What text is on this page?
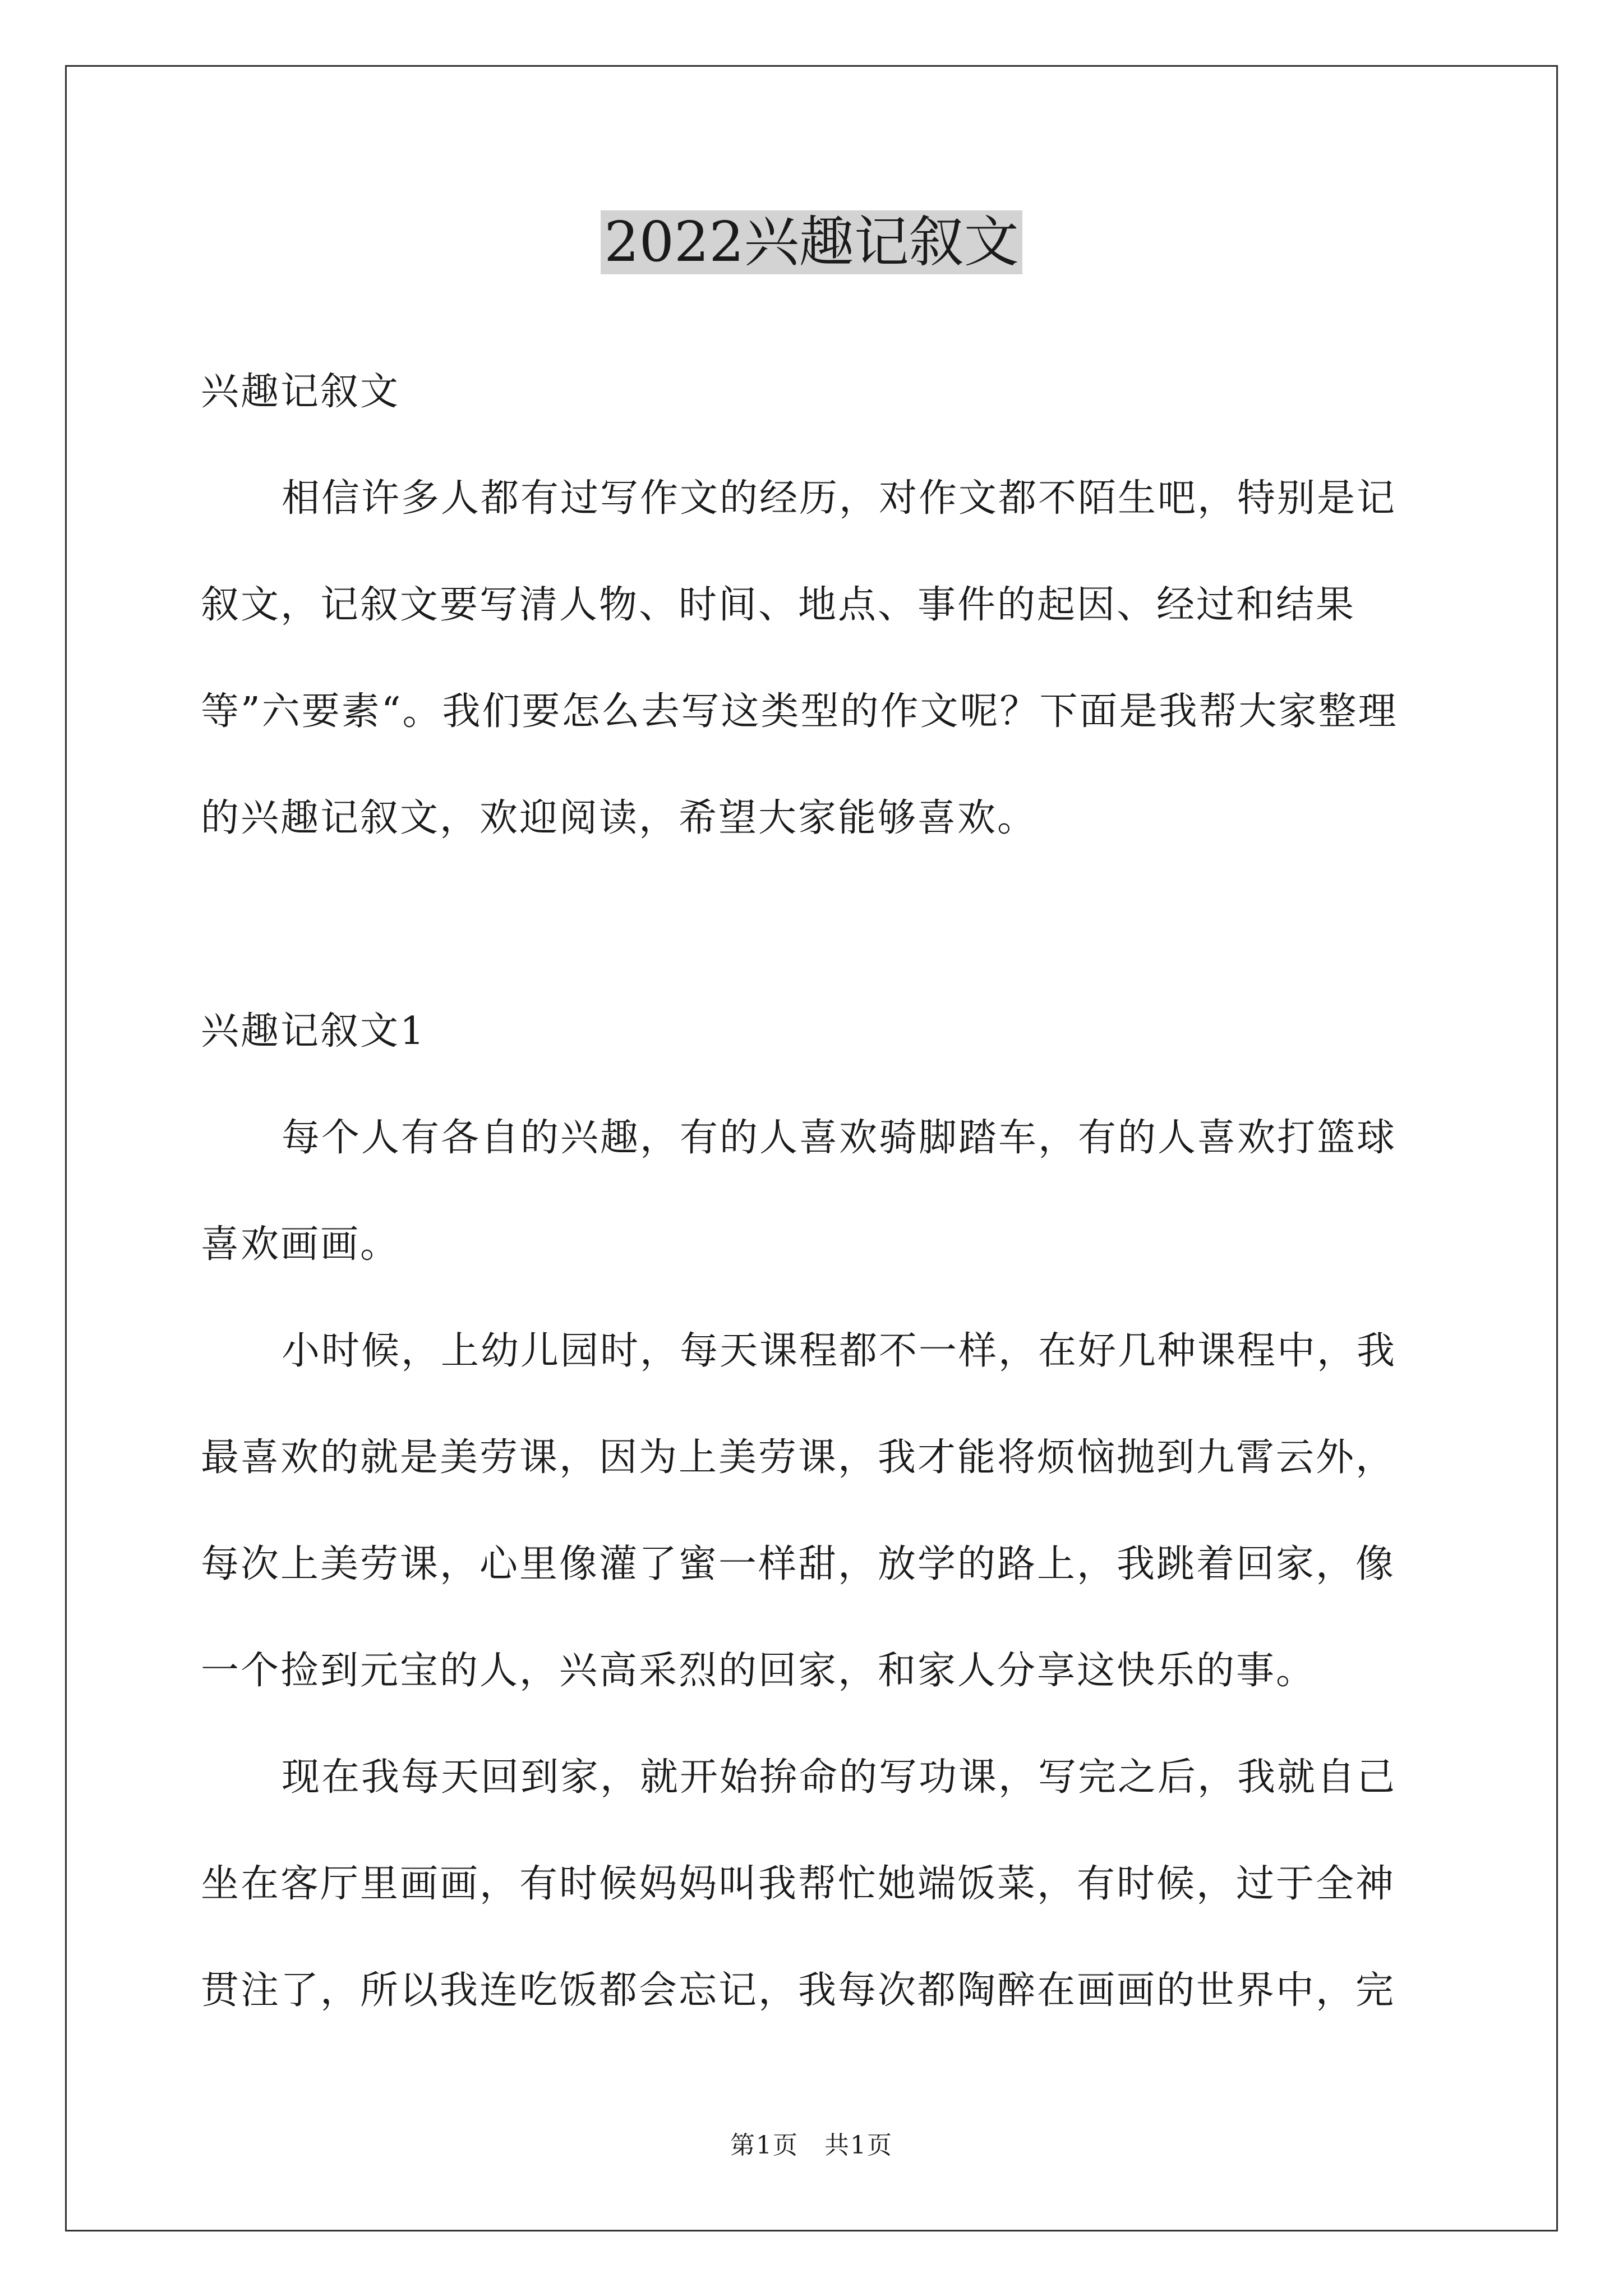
2022兴趣记叙文

兴趣记叙文

相信许多人都有过写作文的经历，对作文都不陌生吧，特别是记叙文，记叙文要写清人物、时间、地点、事件的起因、经过和结果等”六要素“。我们要怎么去写这类型的作文呢？下面是我帮大家整理的兴趣记叙文，欢迎阅读，希望大家能够喜欢。

兴趣记叙文1

每个人有各自的兴趣，有的人喜欢骑脚踏车，有的人喜欢打篮球喜欢画画。

小时候，上幼儿园时，每天课程都不一样，在好几种课程中，我最喜欢的就是美劳课，因为上美劳课，我才能将烦恼抛到九霄云外，每次上美劳课，心里像灌了蜜一样甜，放学的路上，我跳着回家，像一个捡到元宝的人，兴高采烈的回家，和家人分享这快乐的事。

现在我每天回到家，就开始拚命的写功课，写完之后，我就自己坐在客厅里画画，有时候妈妈叫我帮忙她端饭菜，有时候，过于全神贯注了，所以我连吃饭都会忘记，我每次都陶醉在画画的世界中，完

第1页　共1页
